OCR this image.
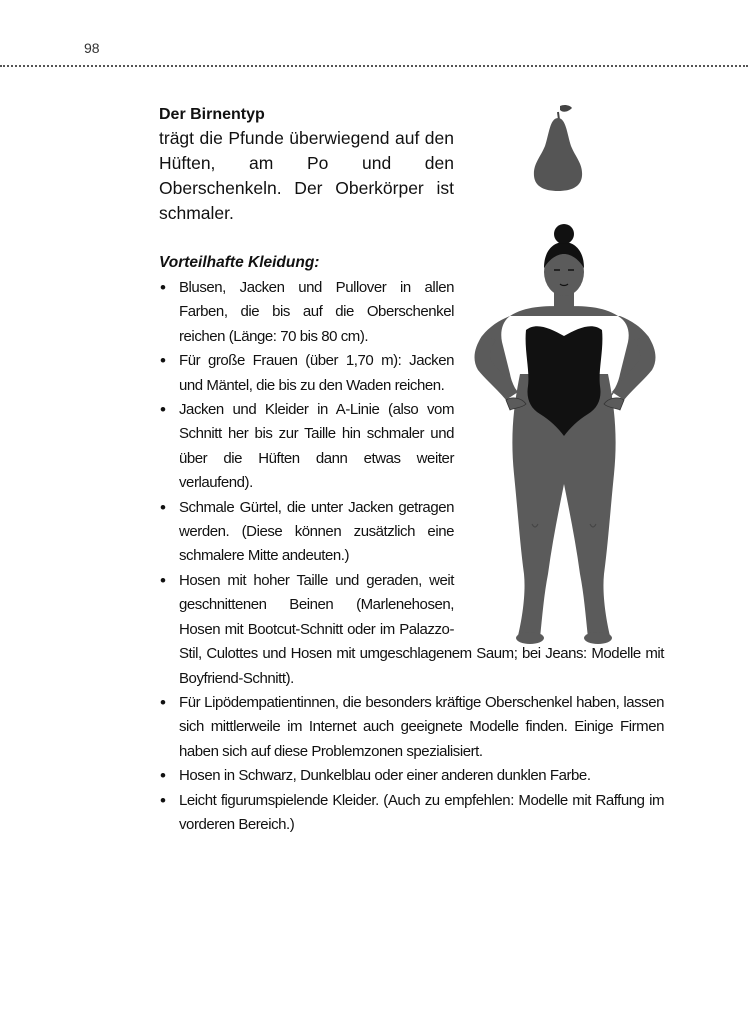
98
Der Birnentyp

trägt die Pfunde überwiegend auf den Hüften, am Po und den Oberschenkeln. Der Oberkörper ist schmaler.

Vorteilhafte Kleidung:

• Blusen, Jacken und Pullover in allen Farben, die bis auf die Oberschenkel reichen (Länge: 70 bis 80 cm).
• Für große Frauen (über 1,70 m): Jacken und Mäntel, die bis zu den Waden reichen.
• Jacken und Kleider in A-Linie (also vom Schnitt her bis zur Taille hin schmaler und über die Hüften dann etwas weiter verlaufend).
• Schmale Gürtel, die unter Jacken getragen werden. (Diese können zusätzlich eine schmalere Mitte andeuten.)
• Hosen mit hoher Taille und geraden, weit geschnittenen Beinen (Marlenehosen, Hosen mit Bootcut-Schnitt oder im Palazzo-Stil, Culottes und Hosen mit umgeschlagenem Saum; bei Jeans: Modelle mit Boyfriend-Schnitt).
• Für Lipödempatientinnen, die besonders kräftige Oberschenkel haben, lassen sich mittlerweile im Internet auch geeignete Modelle finden. Einige Firmen haben sich auf diese Problemzonen spezialisiert.
• Hosen in Schwarz, Dunkelblau oder einer anderen dunklen Farbe.
• Leicht figurumspielende Kleider. (Auch zu empfehlen: Modelle mit Raffung im vorderen Bereich.)
